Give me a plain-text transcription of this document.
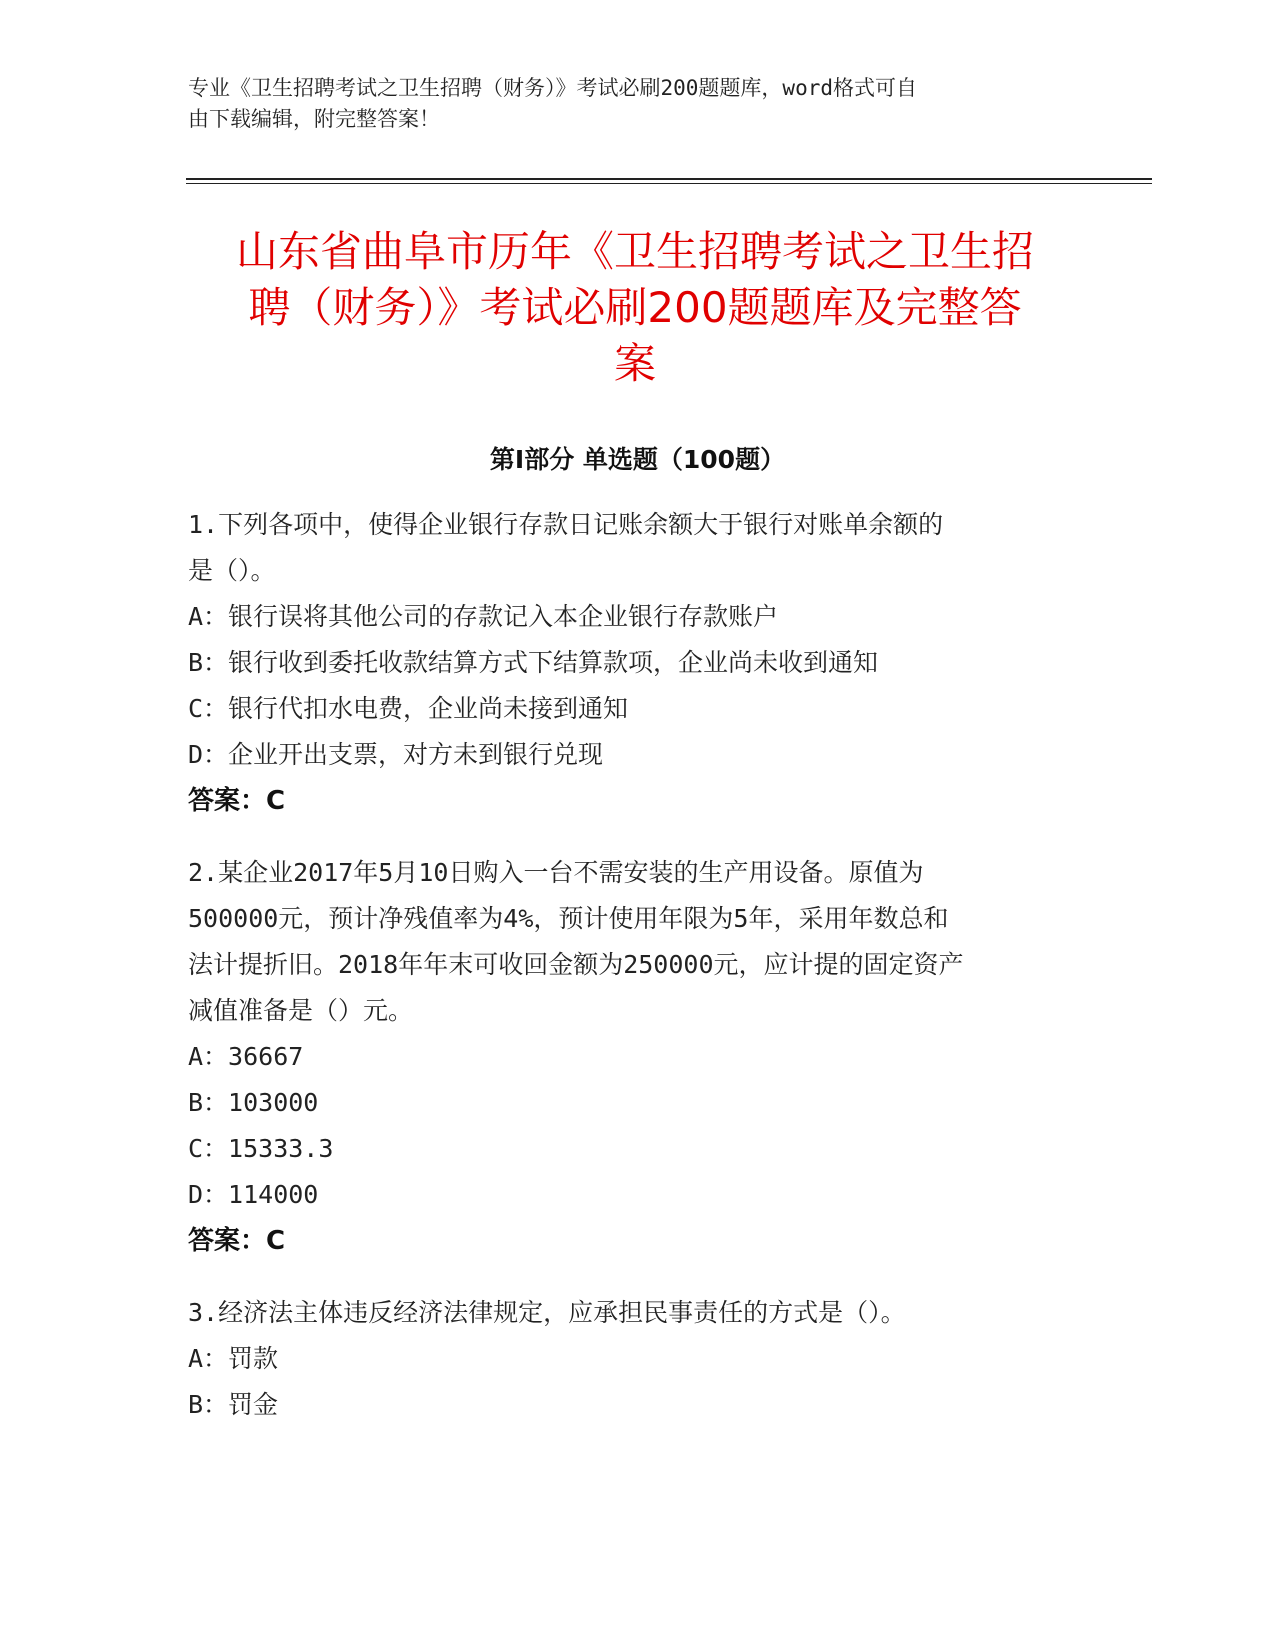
专业《卫生招聘考试之卫生招聘（财务）》考试必刷200题题库，word格式可自
由下载编辑，附完整答案！
山东省曲阜市历年《卫生招聘考试之卫生招
聘（财务）》考试必刷200题题库及完整答
案
第Ⅰ部分 单选题（100题）
1.下列各项中，使得企业银行存款日记账余额大于银行对账单余额的
是（）。
A：银行误将其他公司的存款记入本企业银行存款账户
B：银行收到委托收款结算方式下结算款项，企业尚未收到通知
C：银行代扣水电费，企业尚未接到通知
D：企业开出支票，对方未到银行兑现
答案：C
2.某企业2017年5月10日购入一台不需安装的生产用设备。原值为
500000元，预计净残值率为4%，预计使用年限为5年，采用年数总和
法计提折旧。2018年年末可收回金额为250000元，应计提的固定资产
减值准备是（）元。
A：36667
B：103000
C：15333.3
D：114000
答案：C
3.经济法主体违反经济法律规定，应承担民事责任的方式是（）。
A：罚款
B：罚金
